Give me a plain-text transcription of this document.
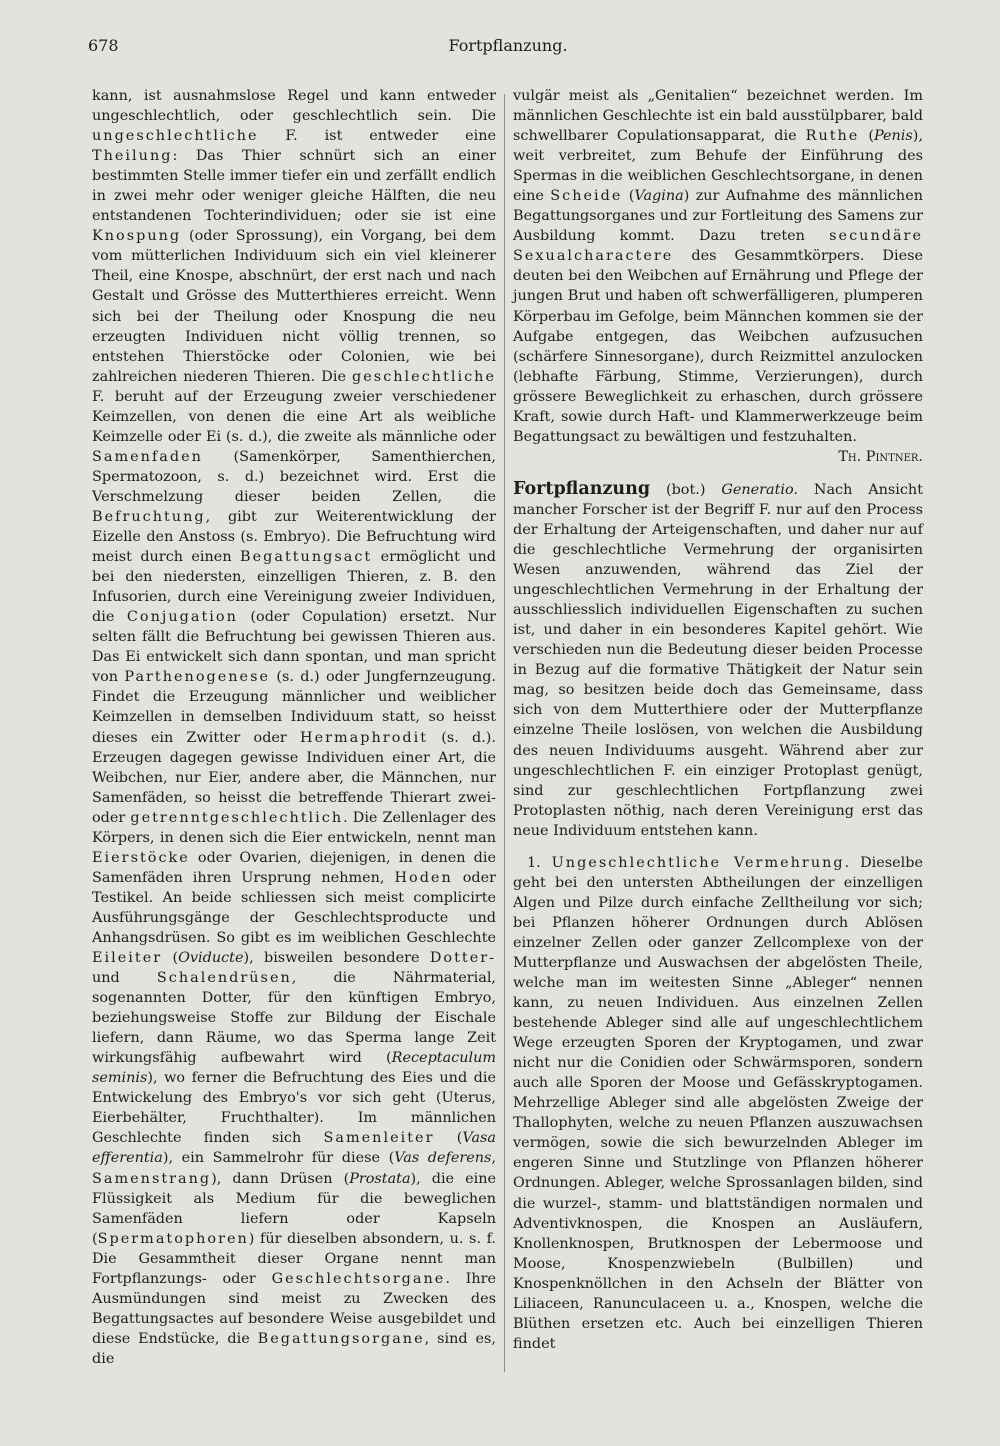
678	Fortpflanzung.

kann, ist ausnahmslose Regel und kann entweder ungeschlechtlich, oder geschlechtlich sein. Die ungeschlechtliche F. ist entweder eine Theilung: Das Thier schnürt sich an einer bestimmten Stelle immer tiefer ein und zerfällt endlich in zwei mehr oder weniger gleiche Hälften, die neu entstandenen Tochterindividuen; oder sie ist eine Knospung (oder Sprossung), ein Vorgang, bei dem vom mütterlichen Individuum sich ein viel kleinerer Theil, eine Knospe, abschnürt, der erst nach und nach Gestalt und Grösse des Mutterthieres erreicht. Wenn sich bei der Theilung oder Knospung die neu erzeugten Individuen nicht völlig trennen, so entstehen Thierstöcke oder Colonien, wie bei zahlreichen niederen Thieren. Die geschlechtliche F. beruht auf der Erzeugung zweier verschiedener Keimzellen, von denen die eine Art als weibliche Keimzelle oder Ei (s. d.), die zweite als männliche oder Samenfaden (Samenkörper, Samenthierchen, Spermatozoon, s. d.) bezeichnet wird. Erst die Verschmelzung dieser beiden Zellen, die Befruchtung, gibt zur Weiterentwicklung der Eizelle den Anstoss (s. Embryo). Die Befruchtung wird meist durch einen Begattungsact ermöglicht und bei den niedersten, einzelligen Thieren, z. B. den Infusorien, durch eine Vereinigung zweier Individuen, die Conjugation (oder Copulation) ersetzt. Nur selten fällt die Befruchtung bei gewissen Thieren aus. Das Ei entwickelt sich dann spontan, und man spricht von Parthenogenese (s. d.) oder Jungfernzeugung. Findet die Erzeugung männlicher und weiblicher Keimzellen in demselben Individuum statt, so heisst dieses ein Zwitter oder Hermaphrodit (s. d.). Erzeugen dagegen gewisse Individuen einer Art, die Weibchen, nur Eier, andere aber, die Männchen, nur Samenfäden, so heisst die betreffende Thierart zwei- oder getrenntgeschlechtlich. Die Zellenlager des Körpers, in denen sich die Eier entwickeln, nennt man Eierstöcke oder Ovarien, diejenigen, in denen die Samenfäden ihren Ursprung nehmen, Hoden oder Testikel. An beide schliessen sich meist complicirte Ausführungsgänge der Geschlechtsproducte und Anhangsdrüsen. So gibt es im weiblichen Geschlechte Eileiter (Oviducte), bisweilen besondere Dotter- und Schalendrüsen, die Nährmaterial, sogenannten Dotter, für den künftigen Embryo, beziehungsweise Stoffe zur Bildung der Eischale liefern, dann Räume, wo das Sperma lange Zeit wirkungsfähig aufbewahrt wird (Receptaculum seminis), wo ferner die Befruchtung des Eies und die Entwickelung des Embryo's vor sich geht (Uterus, Eierbehälter, Fruchthalter). Im männlichen Geschlechte finden sich Samenleiter (Vasa efferentia), ein Sammelrohr für diese (Vas deferens, Samenstrang), dann Drüsen (Prostata), die eine Flüssigkeit als Medium für die beweglichen Samenfäden liefern oder Kapseln (Spermatophoren) für dieselben absondern, u. s. f. Die Gesammtheit dieser Organe nennt man Fortpflanzungs- oder Geschlechtsorgane. Ihre Ausmündungen sind meist zu Zwecken des Begattungsactes auf besondere Weise ausgebildet und diese Endstücke, die Begattungsorgane, sind es, die

vulgär meist als „Genitalien“ bezeichnet werden. Im männlichen Geschlechte ist ein bald ausstülpbarer, bald schwellbarer Copulationsapparat, die Ruthe (Penis), weit verbreitet, zum Behufe der Einführung des Spermas in die weiblichen Geschlechtsorgane, in denen eine Scheide (Vagina) zur Aufnahme des männlichen Begattungsorganes und zur Fortleitung des Samens zur Ausbildung kommt. Dazu treten secundäre Sexualcharactere des Gesammtkörpers. Diese deuten bei den Weibchen auf Ernährung und Pflege der jungen Brut und haben oft schwerfälligeren, plumperen Körperbau im Gefolge, beim Männchen kommen sie der Aufgabe entgegen, das Weibchen aufzusuchen (schärfere Sinnesorgane), durch Reizmittel anzulocken (lebhafte Färbung, Stimme, Verzierungen), durch grössere Beweglichkeit zu erhaschen, durch grössere Kraft, sowie durch Haft- und Klammerwerkzeuge beim Begattungsact zu bewältigen und festzuhalten.

Th. Pintner.

Fortpflanzung (bot.) Generatio. Nach Ansicht mancher Forscher ist der Begriff F. nur auf den Process der Erhaltung der Arteigenschaften, und daher nur auf die geschlechtliche Vermehrung der organisirten Wesen anzuwenden, während das Ziel der ungeschlechtlichen Vermehrung in der Erhaltung der ausschliesslich individuellen Eigenschaften zu suchen ist, und daher in ein besonderes Kapitel gehört. Wie verschieden nun die Bedeutung dieser beiden Processe in Bezug auf die formative Thätigkeit der Natur sein mag, so besitzen beide doch das Gemeinsame, dass sich von dem Mutterthiere oder der Mutterpflanze einzelne Theile loslösen, von welchen die Ausbildung des neuen Individuums ausgeht. Während aber zur ungeschlechtlichen F. ein einziger Protoplast genügt, sind zur geschlechtlichen Fortpflanzung zwei Protoplasten nöthig, nach deren Vereinigung erst das neue Individuum entstehen kann.

1. Ungeschlechtliche Vermehrung. Dieselbe geht bei den untersten Abtheilungen der einzelligen Algen und Pilze durch einfache Zelltheilung vor sich; bei Pflanzen höherer Ordnungen durch Ablösen einzelner Zellen oder ganzer Zellcomplexe von der Mutterpflanze und Auswachsen der abgelösten Theile, welche man im weitesten Sinne „Ableger“ nennen kann, zu neuen Individuen. Aus einzelnen Zellen bestehende Ableger sind alle auf ungeschlechtlichem Wege erzeugten Sporen der Kryptogamen, und zwar nicht nur die Conidien oder Schwärmsporen, sondern auch alle Sporen der Moose und Gefässkryptogamen. Mehrzellige Ableger sind alle abgelösten Zweige der Thallophyten, welche zu neuen Pflanzen auszuwachsen vermögen, sowie die sich bewurzelnden Ableger im engeren Sinne und Stutzlinge von Pflanzen höherer Ordnungen. Ableger, welche Sprossanlagen bilden, sind die wurzel-, stamm- und blattständigen normalen und Adventivknospen, die Knospen an Ausläufern, Knollenknospen, Brutknospen der Lebermoose und Moose, Knospenzwiebeln (Bulbillen) und Knospenknöllchen in den Achseln der Blätter von Liliaceen, Ranunculaceen u. a., Knospen, welche die Blüthen ersetzen etc. Auch bei einzelligen Thieren findet
